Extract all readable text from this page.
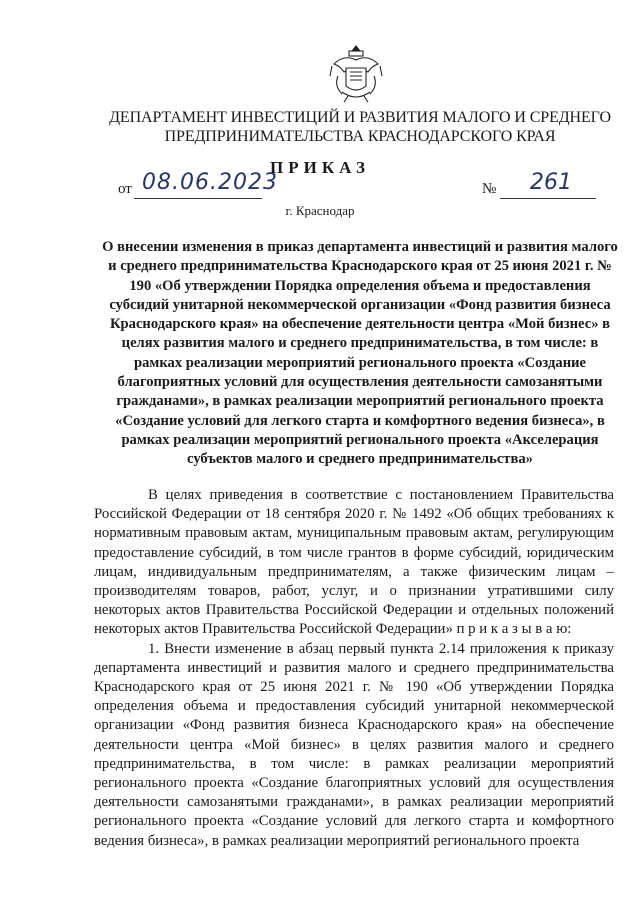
ДЕПАРТАМЕНТ ИНВЕСТИЦИЙ И РАЗВИТИЯ МАЛОГО И СРЕДНЕГО ПРЕДПРИНИМАТЕЛЬСТВА КРАСНОДАРСКОГО КРАЯ
ПРИКАЗ
от 08.06.2023	№ 261
г. Краснодар
О внесении изменения в приказ департамента инвестиций и развития малого и среднего предпринимательства Краснодарского края от 25 июня 2021 г. № 190 «Об утверждении Порядка определения объема и предоставления субсидий унитарной некоммерческой организации «Фонд развития бизнеса Краснодарского края» на обеспечение деятельности центра «Мой бизнес» в целях развития малого и среднего предпринимательства, в том числе: в рамках реализации мероприятий регионального проекта «Создание благоприятных условий для осуществления деятельности самозанятыми гражданами», в рамках реализации мероприятий регионального проекта «Создание условий для легкого старта и комфортного ведения бизнеса», в рамках реализации мероприятий регионального проекта «Акселерация субъектов малого и среднего предпринимательства»

В целях приведения в соответствие с постановлением Правительства Российской Федерации от 18 сентября 2020 г. № 1492 «Об общих требованиях к нормативным правовым актам, муниципальным правовым актам, регулирующим предоставление субсидий, в том числе грантов в форме субсидий, юридическим лицам, индивидуальным предпринимателям, а также физическим лицам – производителям товаров, работ, услуг, и о признании утратившими силу некоторых актов Правительства Российской Федерации и отдельных положений некоторых актов Правительства Российской Федерации» п р и к а з ы в а ю:

1. Внести изменение в абзац первый пункта 2.14 приложения к приказу департамента инвестиций и развития малого и среднего предпринимательства Краснодарского края от 25 июня 2021 г. № 190 «Об утверждении Порядка определения объема и предоставления субсидий унитарной некоммерческой организации «Фонд развития бизнеса Краснодарского края» на обеспечение деятельности центра «Мой бизнес» в целях развития малого и среднего предпринимательства, в том числе: в рамках реализации мероприятий регионального проекта «Создание благоприятных условий для осуществления деятельности самозанятыми гражданами», в рамках реализации мероприятий регионального проекта «Создание условий для легкого старта и комфортного ведения бизнеса», в рамках реализации мероприятий регионального проекта
